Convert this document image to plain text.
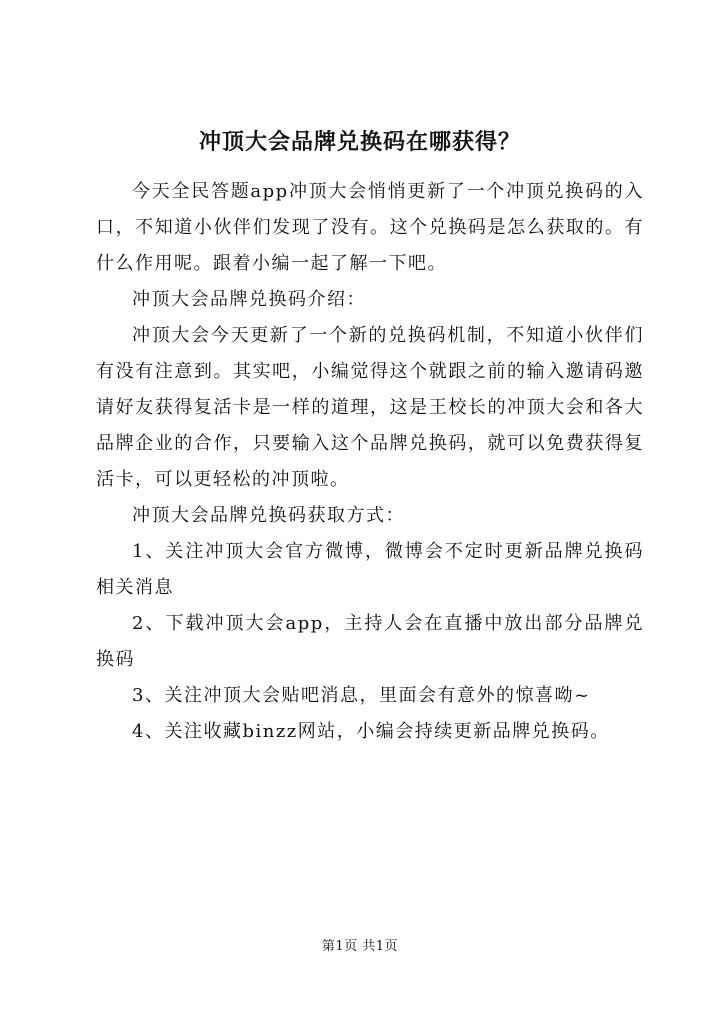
冲顶大会品牌兑换码在哪获得？

今天全民答题app冲顶大会悄悄更新了一个冲顶兑换码的入口，不知道小伙伴们发现了没有。这个兑换码是怎么获取的。有什么作用呢。跟着小编一起了解一下吧。

冲顶大会品牌兑换码介绍：

冲顶大会今天更新了一个新的兑换码机制，不知道小伙伴们有没有注意到。其实吧，小编觉得这个就跟之前的输入邀请码邀请好友获得复活卡是一样的道理，这是王校长的冲顶大会和各大品牌企业的合作，只要输入这个品牌兑换码，就可以免费获得复活卡，可以更轻松的冲顶啦。

冲顶大会品牌兑换码获取方式：

1、关注冲顶大会官方微博，微博会不定时更新品牌兑换码相关消息

2、下载冲顶大会app，主持人会在直播中放出部分品牌兑换码

3、关注冲顶大会贴吧消息，里面会有意外的惊喜呦~

4、关注收藏binzz网站，小编会持续更新品牌兑换码。

第1页 共1页
